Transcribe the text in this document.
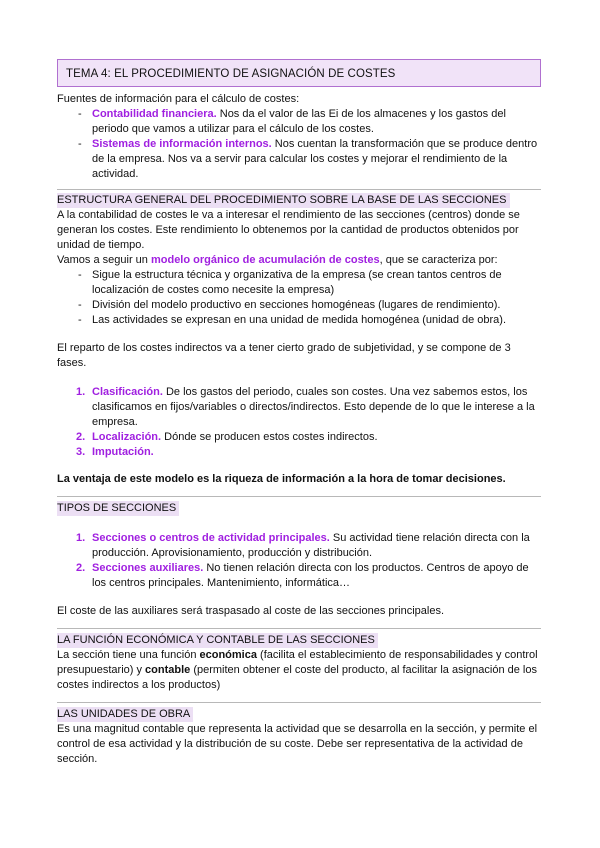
TEMA 4: EL PROCEDIMIENTO DE ASIGNACIÓN DE COSTES

Fuentes de información para el cálculo de costes:

- Contabilidad financiera. Nos da el valor de las Ei de los almacenes y los gastos del periodo que vamos a utilizar para el cálculo de los costes.
- Sistemas de información internos. Nos cuentan la transformación que se produce dentro de la empresa. Nos va a servir para calcular los costes y mejorar el rendimiento de la actividad.
ESTRUCTURA GENERAL DEL PROCEDIMIENTO SOBRE LA BASE DE LAS SECCIONES

A la contabilidad de costes le va a interesar el rendimiento de las secciones (centros) donde se generan los costes. Este rendimiento lo obtenemos por la cantidad de productos obtenidos por unidad de tiempo.

Vamos a seguir un modelo orgánico de acumulación de costes, que se caracteriza por:

- Sigue la estructura técnica y organizativa de la empresa (se crean tantos centros de localización de costes como necesite la empresa)
- División del modelo productivo en secciones homogéneas (lugares de rendimiento).
- Las actividades se expresan en una unidad de medida homogénea (unidad de obra).
El reparto de los costes indirectos va a tener cierto grado de subjetividad, y se compone de 3 fases.
1. Clasificación. De los gastos del periodo, cuales son costes. Una vez sabemos estos, los clasificamos en fijos/variables o directos/indirectos. Esto depende de lo que le interese a la empresa.
2. Localización. Dónde se producen estos costes indirectos.
3. Imputación.
La ventaja de este modelo es la riqueza de información a la hora de tomar decisiones.
TIPOS DE SECCIONES
1. Secciones o centros de actividad principales. Su actividad tiene relación directa con la producción. Aprovisionamiento, producción y distribución.
2. Secciones auxiliares. No tienen relación directa con los productos. Centros de apoyo de los centros principales. Mantenimiento, informática…
El coste de las auxiliares será traspasado al coste de las secciones principales.
LA FUNCIÓN ECONÓMICA Y CONTABLE DE LAS SECCIONES

La sección tiene una función económica (facilita el establecimiento de responsabilidades y control presupuestario) y contable (permiten obtener el coste del producto, al facilitar la asignación de los costes indirectos a los productos)

LAS UNIDADES DE OBRA
Es una magnitud contable que representa la actividad que se desarrolla en la sección, y permite el control de esa actividad y la distribución de su coste. Debe ser representativa de la actividad de sección.
